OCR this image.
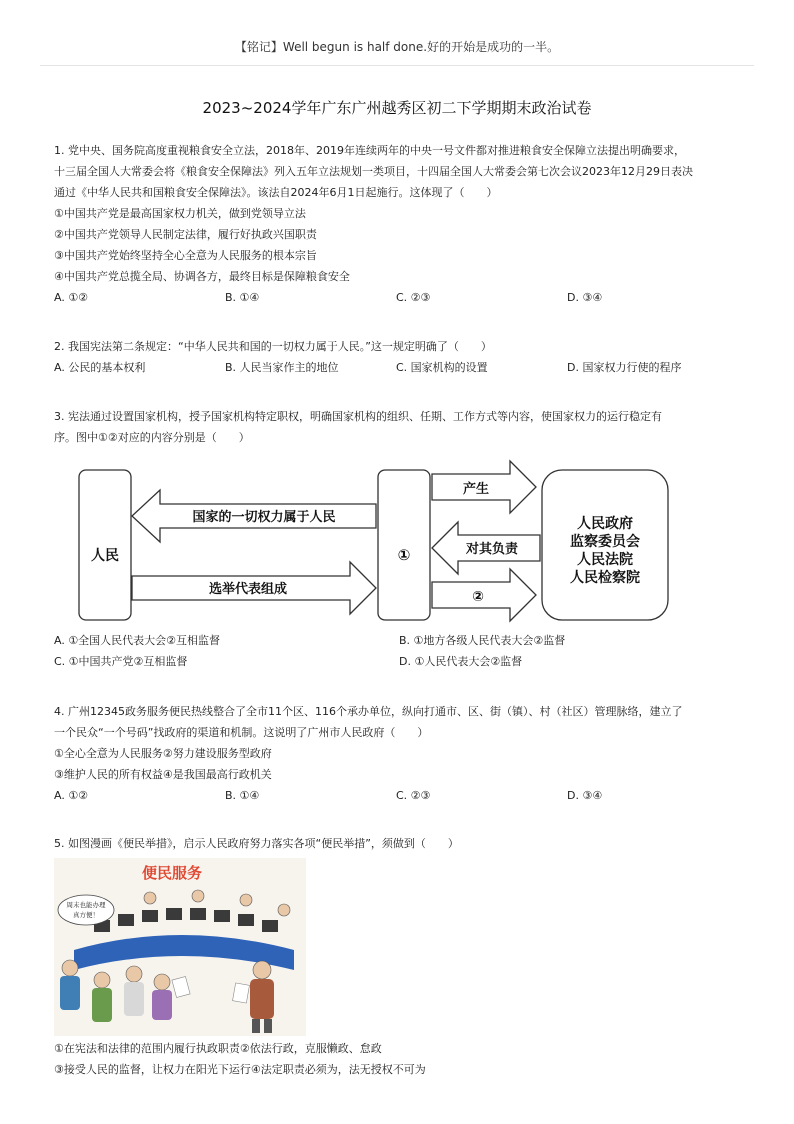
【铭记】Well begun is half done.好的开始是成功的一半。
2023~2024学年广东广州越秀区初二下学期期末政治试卷

1. 党中央、国务院高度重视粮食安全立法，2018年、2019年连续两年的中央一号文件都对推进粮食安全保障立法提出明确要求，

十三届全国人大常委会将《粮食安全保障法》列入五年立法规划一类项目，十四届全国人大常委会第七次会议2023年12月29日表决

通过《中华人民共和国粮食安全保障法》。该法自2024年6月1日起施行。这体现了（　　）

①中国共产党是最高国家权力机关，做到党领导立法

②中国共产党领导人民制定法律，履行好执政兴国职责

③中国共产党始终坚持全心全意为人民服务的根本宗旨

④中国共产党总揽全局、协调各方，最终目标是保障粮食安全

A. ①②	B. ①④	C. ②③	D. ③④

2. 我国宪法第二条规定：“中华人民共和国的一切权力属于人民。”这一规定明确了（　　）

A. 公民的基本权利	B. 人民当家作主的地位	C. 国家机构的设置	D. 国家权力行使的程序

3. 宪法通过设置国家机构，授予国家机构特定职权，明确国家机构的组织、任期、工作方式等内容，使国家权力的运行稳定有

序。图中①②对应的内容分别是（　　）

人民	①
人民政府
监察委员会
人民法院
人民检察院
国家的一切权力属于人民
选举代表组成
产生
对其负责
②
A. ①全国人民代表大会②互相监督	B. ①地方各级人民代表大会②监督
C. ①中国共产党②互相监督	D. ①人民代表大会②监督

4. 广州12345政务服务便民热线整合了全市11个区、116个承办单位，纵向打通市、区、街（镇）、村（社区）管理脉络，建立了

一个民众“一个号码”找政府的渠道和机制。这说明了广州市人民政府（　　）

①全心全意为人民服务②努力建设服务型政府

③维护人民的所有权益④是我国最高行政机关

A. ①②	B. ①④	C. ②③	D. ③④

5. 如图漫画《便民举措》，启示人民政府努力落实各项“便民举措”，须做到（　　）

便民服务
周末也能办理
真方便！

①在宪法和法律的范围内履行执政职责②依法行政，克服懒政、怠政

③接受人民的监督，让权力在阳光下运行④法定职责必须为，法无授权不可为
